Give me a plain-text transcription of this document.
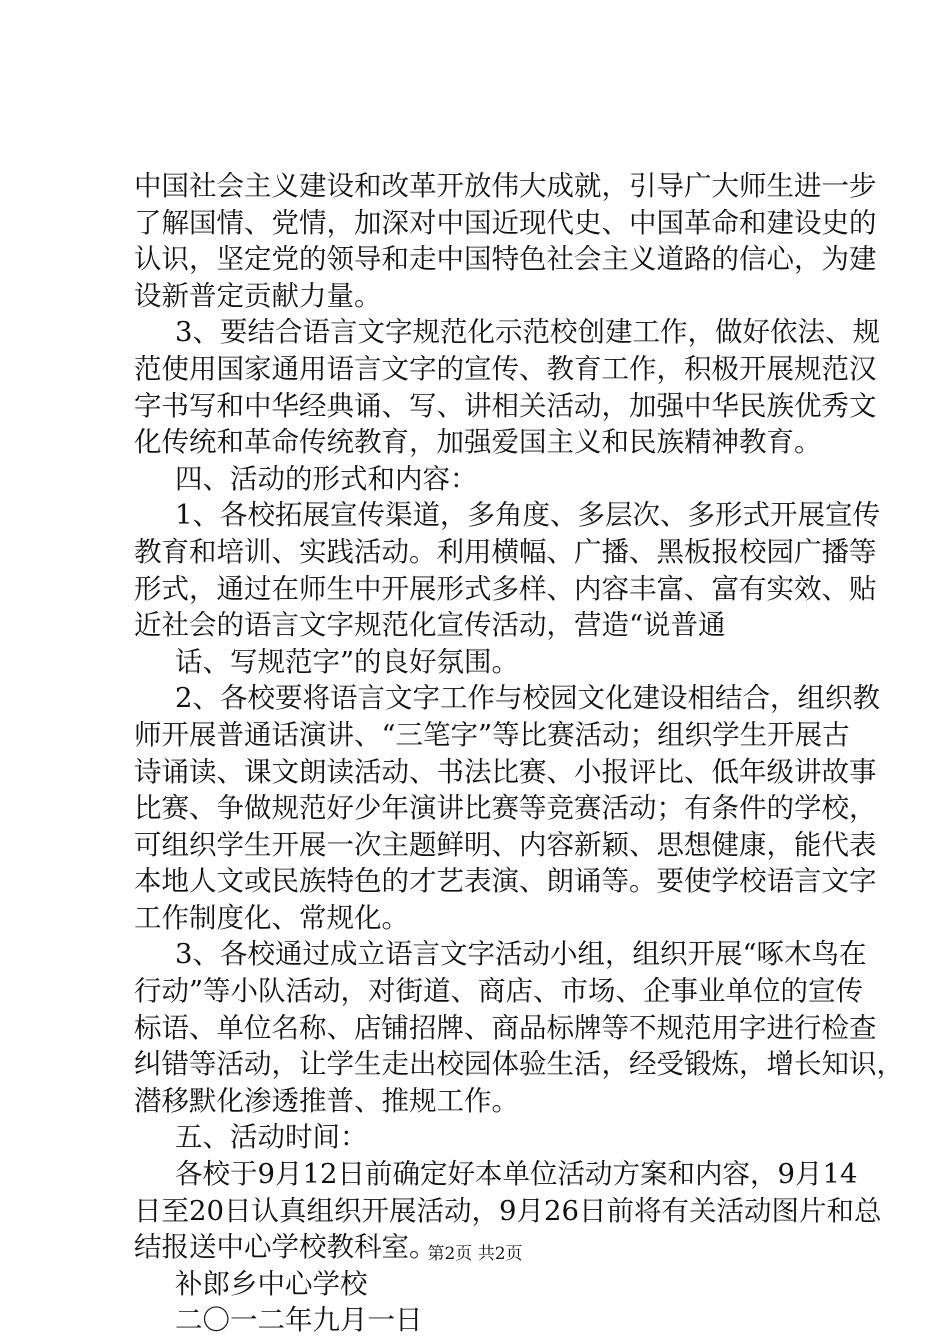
中国社会主义建设和改革开放伟大成就，引导广大师生进一步
了解国情、党情，加深对中国近现代史、中国革命和建设史的
认识，坚定党的领导和走中国特色社会主义道路的信心，为建
设新普定贡献力量。
3、要结合语言文字规范化示范校创建工作，做好依法、规
范使用国家通用语言文字的宣传、教育工作，积极开展规范汉
字书写和中华经典诵、写、讲相关活动，加强中华民族优秀文
化传统和革命传统教育，加强爱国主义和民族精神教育。
四、活动的形式和内容：
1、各校拓展宣传渠道，多角度、多层次、多形式开展宣传
教育和培训、实践活动。利用横幅、广播、黑板报校园广播等
形式，通过在师生中开展形式多样、内容丰富、富有实效、贴
近社会的语言文字规范化宣传活动，营造“说普通
话、写规范字”的良好氛围。
2、各校要将语言文字工作与校园文化建设相结合，组织教
师开展普通话演讲、“三笔字”等比赛活动；组织学生开展古
诗诵读、课文朗读活动、书法比赛、小报评比、低年级讲故事
比赛、争做规范好少年演讲比赛等竞赛活动；有条件的学校，
可组织学生开展一次主题鲜明、内容新颖、思想健康，能代表
本地人文或民族特色的才艺表演、朗诵等。要使学校语言文字
工作制度化、常规化。
3、各校通过成立语言文字活动小组，组织开展“啄木鸟在
行动”等小队活动，对街道、商店、市场、企事业单位的宣传
标语、单位名称、店铺招牌、商品标牌等不规范用字进行检查
纠错等活动，让学生走出校园体验生活，经受锻炼，增长知识，
潜移默化渗透推普、推规工作。
五、活动时间：
各校于9月12日前确定好本单位活动方案和内容，9月14
日至20日认真组织开展活动，9月26日前将有关活动图片和总
结报送中心学校教科室。
补郎乡中心学校
二〇一二年九月一日
第2页 共2页
